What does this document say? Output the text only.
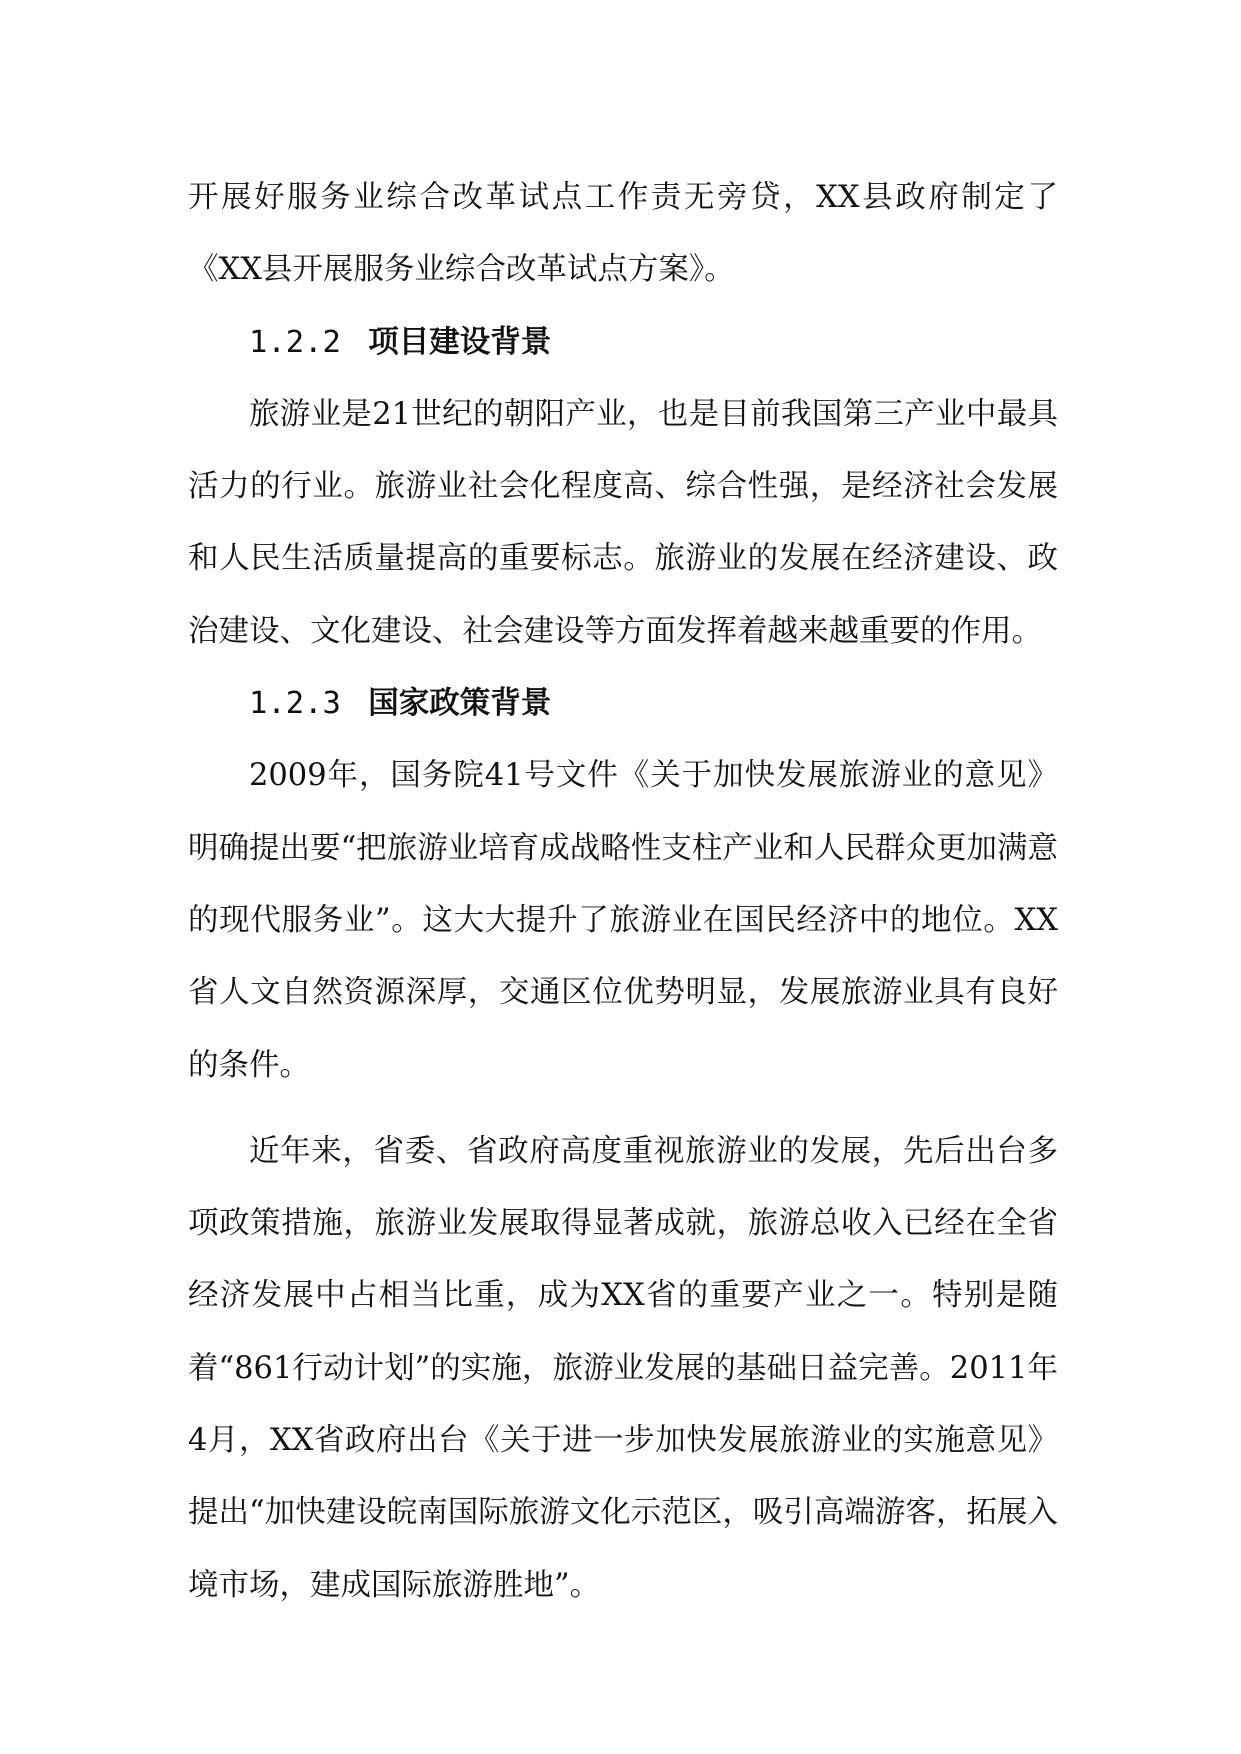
开展好服务业综合改革试点工作责无旁贷，XX县政府制定了《XX县开展服务业综合改革试点方案》。

1.2.2 项目建设背景

旅游业是21世纪的朝阳产业，也是目前我国第三产业中最具活力的行业。旅游业社会化程度高、综合性强，是经济社会发展和人民生活质量提高的重要标志。旅游业的发展在经济建设、政治建设、文化建设、社会建设等方面发挥着越来越重要的作用。

1.2.3 国家政策背景

2009年，国务院41号文件《关于加快发展旅游业的意见》明确提出要“把旅游业培育成战略性支柱产业和人民群众更加满意的现代服务业”。这大大提升了旅游业在国民经济中的地位。XX省人文自然资源深厚，交通区位优势明显，发展旅游业具有良好的条件。

近年来，省委、省政府高度重视旅游业的发展，先后出台多项政策措施，旅游业发展取得显著成就，旅游总收入已经在全省经济发展中占相当比重，成为XX省的重要产业之一。特别是随着“861行动计划”的实施，旅游业发展的基础日益完善。2011年4月，XX省政府出台《关于进一步加快发展旅游业的实施意见》提出“加快建设皖南国际旅游文化示范区，吸引高端游客，拓展入境市场，建成国际旅游胜地”。
